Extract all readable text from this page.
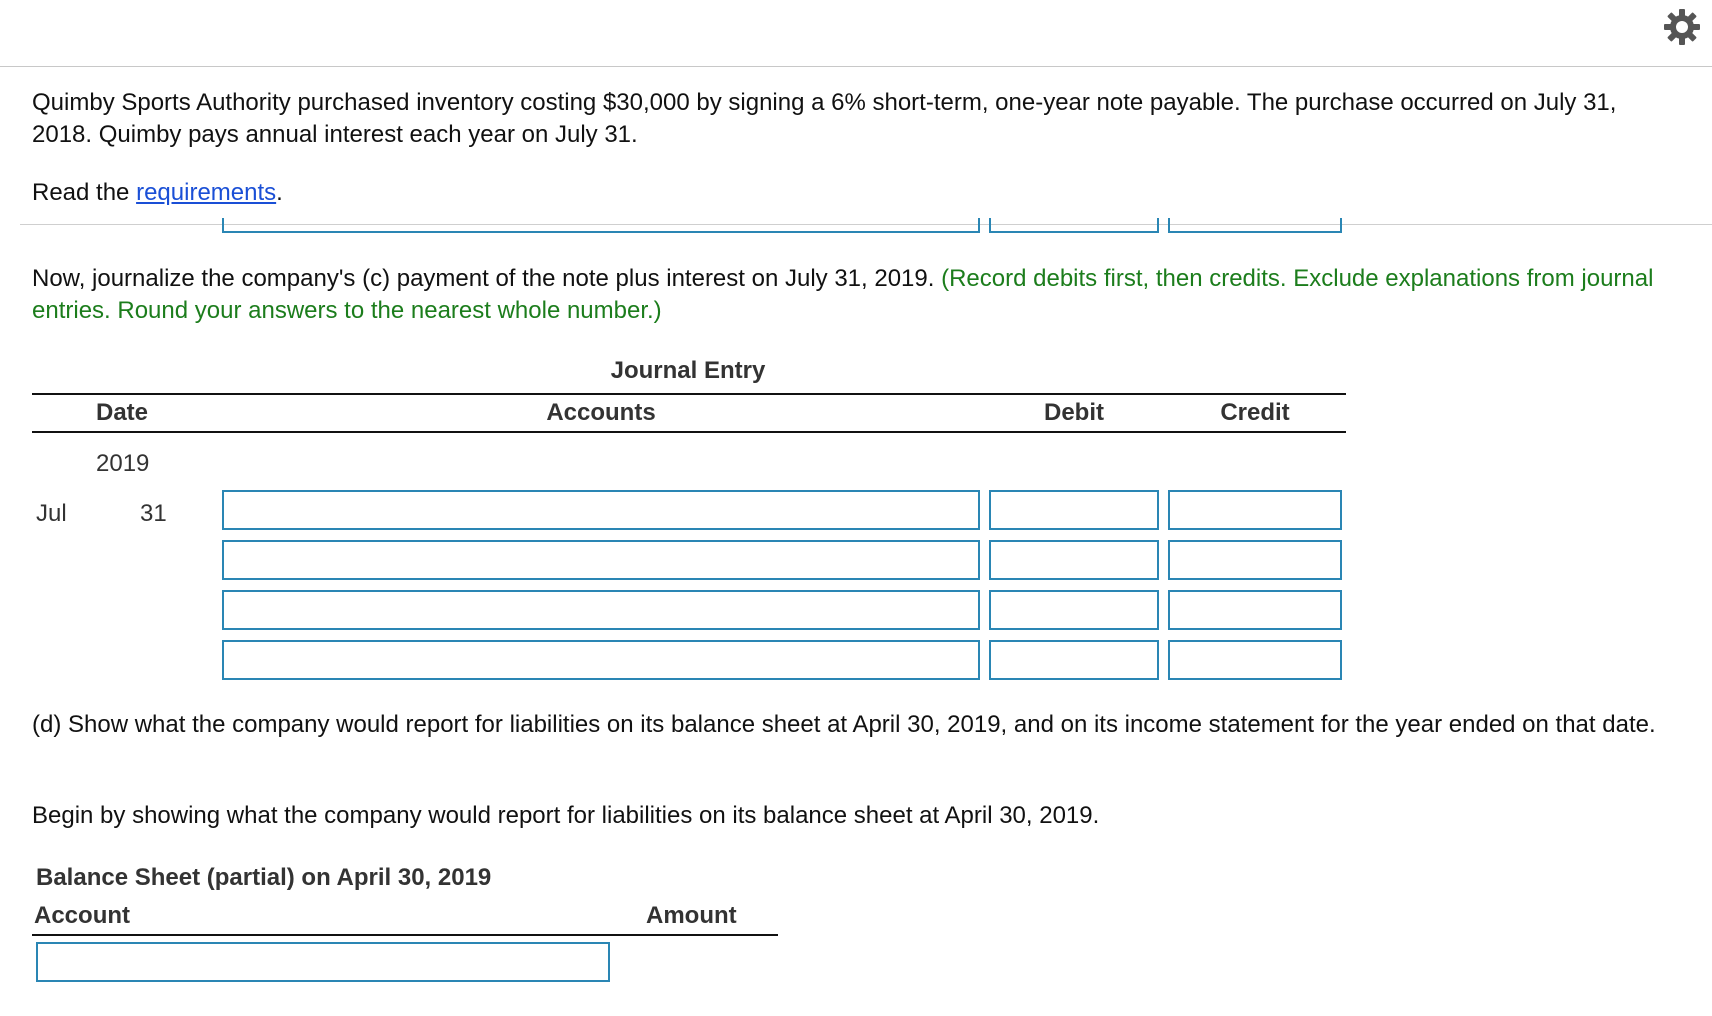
Quimby Sports Authority purchased inventory costing $30,000 by signing a 6% short-term, one-year note payable. The purchase occurred on July 31, 2018. Quimby pays annual interest each year on July 31.
Read the requirements.
Now, journalize the company's (c) payment of the note plus interest on July 31, 2019. (Record debits first, then credits. Exclude explanations from journal entries. Round your answers to the nearest whole number.)
Journal Entry
Date	Accounts	Debit	Credit
2019
Jul	31
(d) Show what the company would report for liabilities on its balance sheet at April 30, 2019, and on its income statement for the year ended on that date.
Begin by showing what the company would report for liabilities on its balance sheet at April 30, 2019.
Balance Sheet (partial) on April 30, 2019
Account	Amount
